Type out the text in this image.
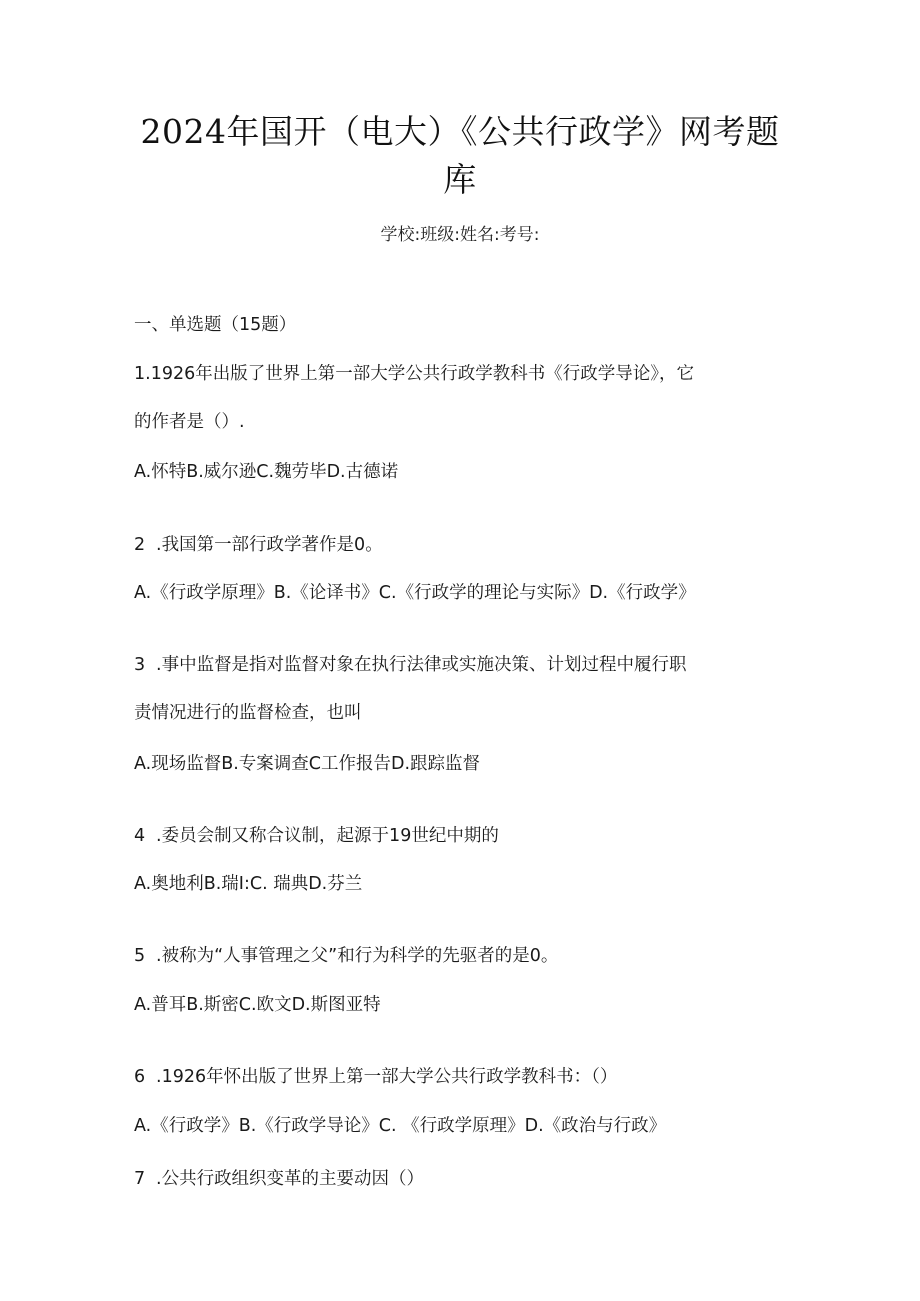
2024年国开（电大）《公共行政学》网考题
库
学校:班级:姓名:考号:
一、单选题（15题）
1.1926年出版了世界上第一部大学公共行政学教科书《行政学导论》，它
的作者是（）.
A.怀特B.威尔逊C.魏劳毕D.古德诺
2 .我国第一部行政学著作是0。
A.《行政学原理》B.《论译书》C.《行政学的理论与实际》D.《行政学》
3 .事中监督是指对监督对象在执行法律或实施决策、计划过程中履行职
责情况进行的监督检查，也叫
A.现场监督B.专案调查C工作报告D.跟踪监督
4 .委员会制又称合议制，起源于19世纪中期的
A.奥地利B.瑞I:C. 瑞典D.芬兰
5 .被称为“人事管理之父”和行为科学的先驱者的是0。
A.普耳B.斯密C.欧文D.斯图亚特
6 .1926年怀出版了世界上第一部大学公共行政学教科书：（）
A.《行政学》B.《行政学导论》C. 《行政学原理》D.《政治与行政》
7 .公共行政组织变革的主要动因（）
